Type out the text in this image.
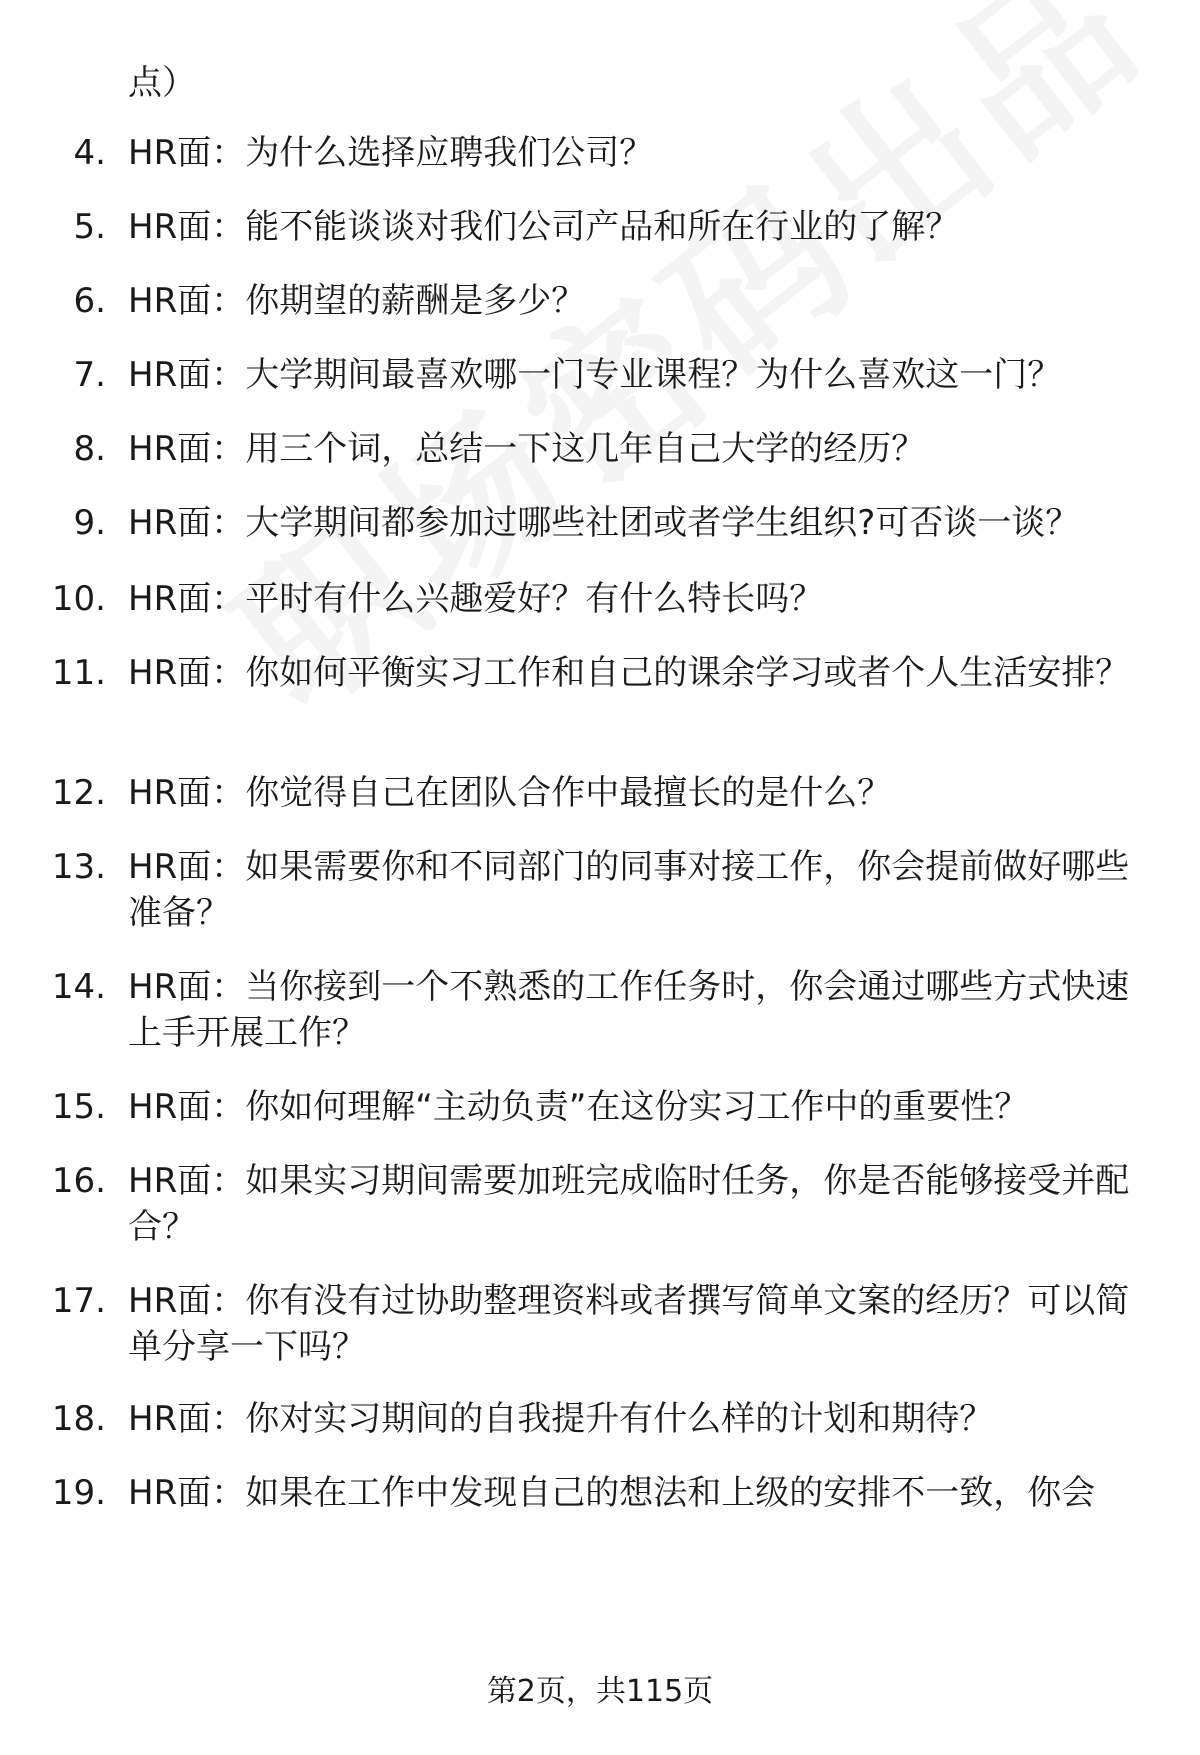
点）
4. HR面：为什么选择应聘我们公司？
5. HR面：能不能谈谈对我们公司产品和所在行业的了解？
6. HR面：你期望的薪酬是多少？
7. HR面：大学期间最喜欢哪一门专业课程？为什么喜欢这一门？
8. HR面：用三个词，总结一下这几年自己大学的经历？
9. HR面：大学期间都参加过哪些社团或者学生组织?可否谈一谈？
10. HR面：平时有什么兴趣爱好？有什么特长吗？
11. HR面：你如何平衡实习工作和自己的课余学习或者个人生活安排？
12. HR面：你觉得自己在团队合作中最擅长的是什么？
13. HR面：如果需要你和不同部门的同事对接工作，你会提前做好哪些准备？
14. HR面：当你接到一个不熟悉的工作任务时，你会通过哪些方式快速上手开展工作？
15. HR面：你如何理解“主动负责”在这份实习工作中的重要性？
16. HR面：如果实习期间需要加班完成临时任务，你是否能够接受并配合？
17. HR面：你有没有过协助整理资料或者撰写简单文案的经历？可以简单分享一下吗？
18. HR面：你对实习期间的自我提升有什么样的计划和期待？
19. HR面：如果在工作中发现自己的想法和上级的安排不一致，你会
第2页，共115页
